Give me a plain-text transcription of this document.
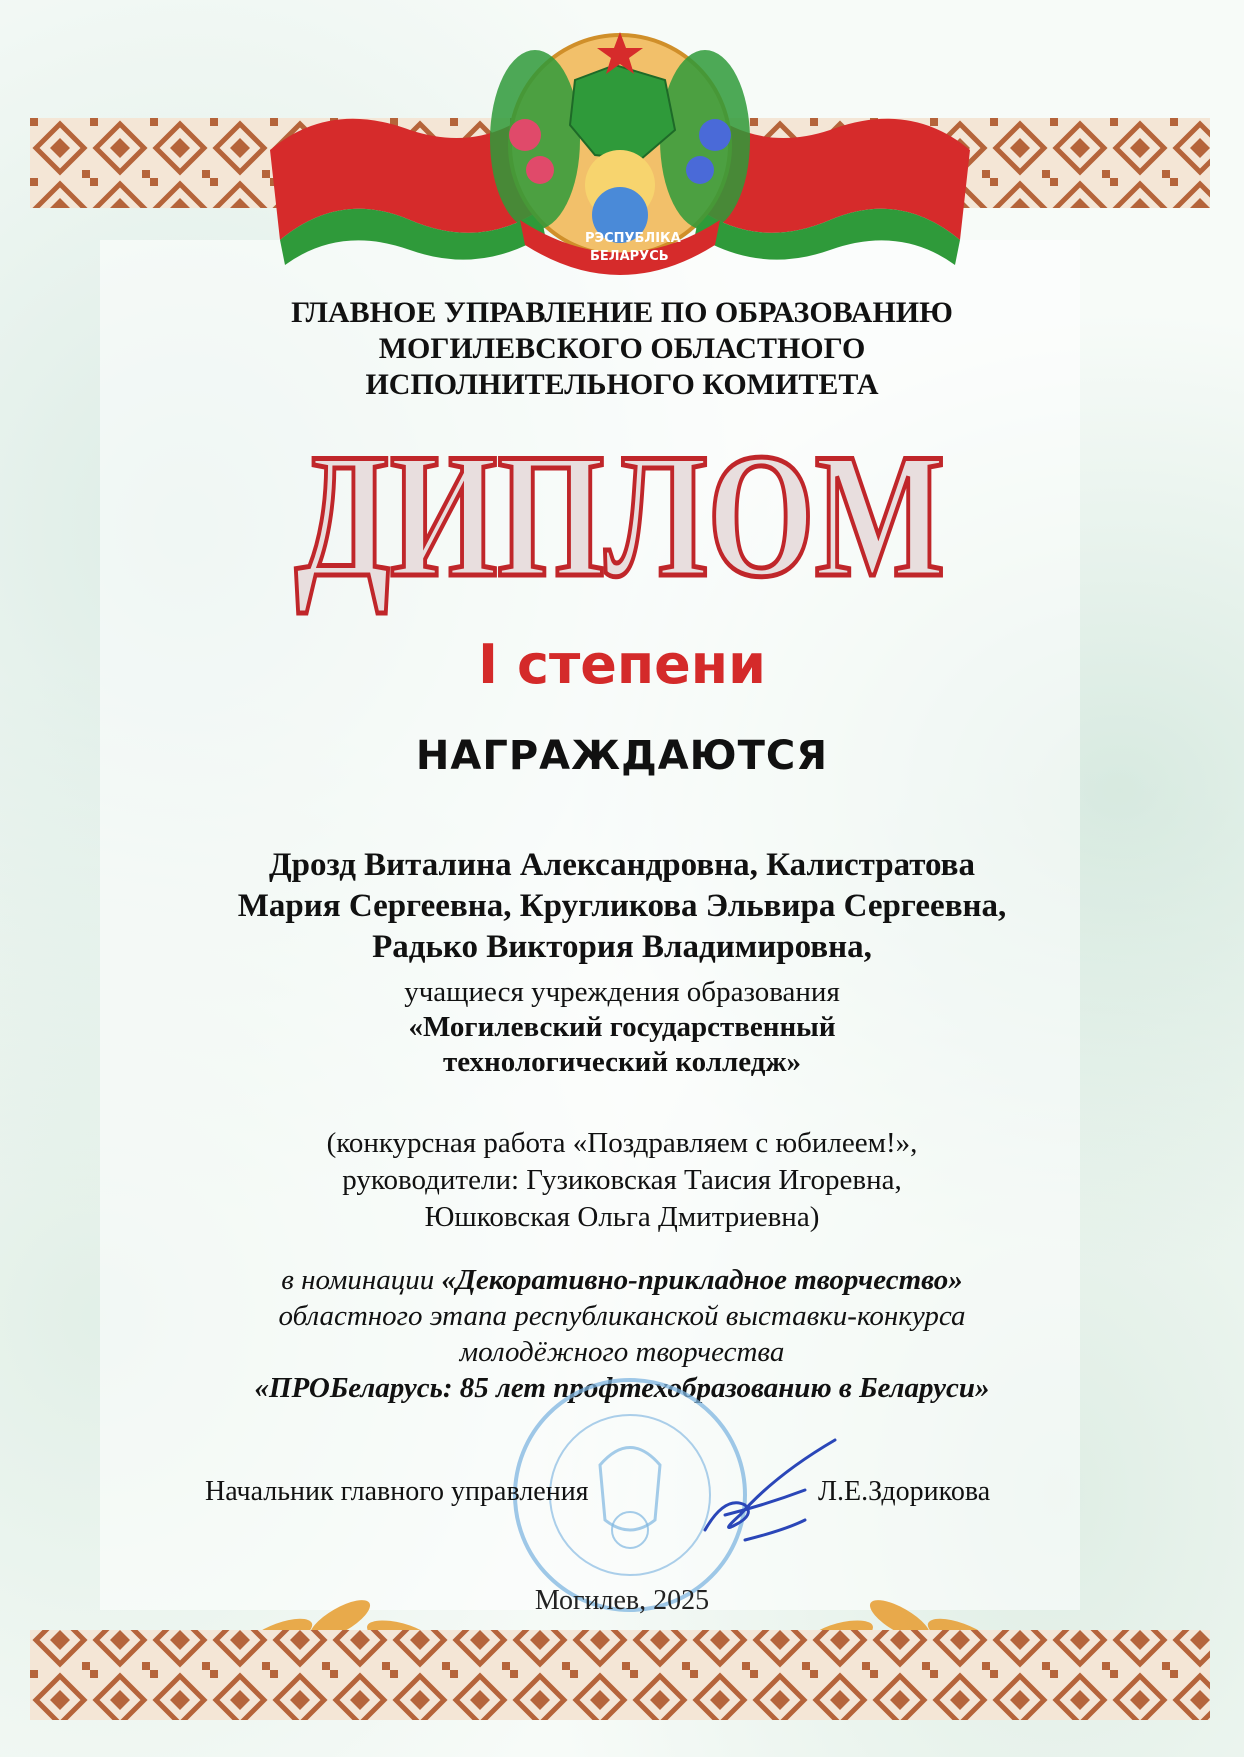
РЭСПУБЛІКА
БЕЛАРУСЬ
ГЛАВНОЕ УПРАВЛЕНИЕ ПО ОБРАЗОВАНИЮ
МОГИЛЕВСКОГО ОБЛАСТНОГО
ИСПОЛНИТЕЛЬНОГО КОМИТЕТА
ДИПЛОМ
I степени
НАГРАЖДАЮТСЯ
Дрозд Виталина Александровна, Калистратова
Мария Сергеевна, Кругликова Эльвира Сергеевна,
Радько Виктория Владимировна,
учащиеся учреждения образования
«Могилевский государственный
технологический колледж»
(конкурсная работа «Поздравляем с юбилеем!»,
руководители: Гузиковская Таисия Игоревна,
Юшковская Ольга Дмитриевна)
в номинации «Декоративно-прикладное творчество»
областного этапа республиканской выставки-конкурса
молодёжного творчества
«ПРОБеларусь: 85 лет профтехобразованию в Беларуси»
Начальник главного управления	Л.Е.Здорикова
Могилев, 2025
